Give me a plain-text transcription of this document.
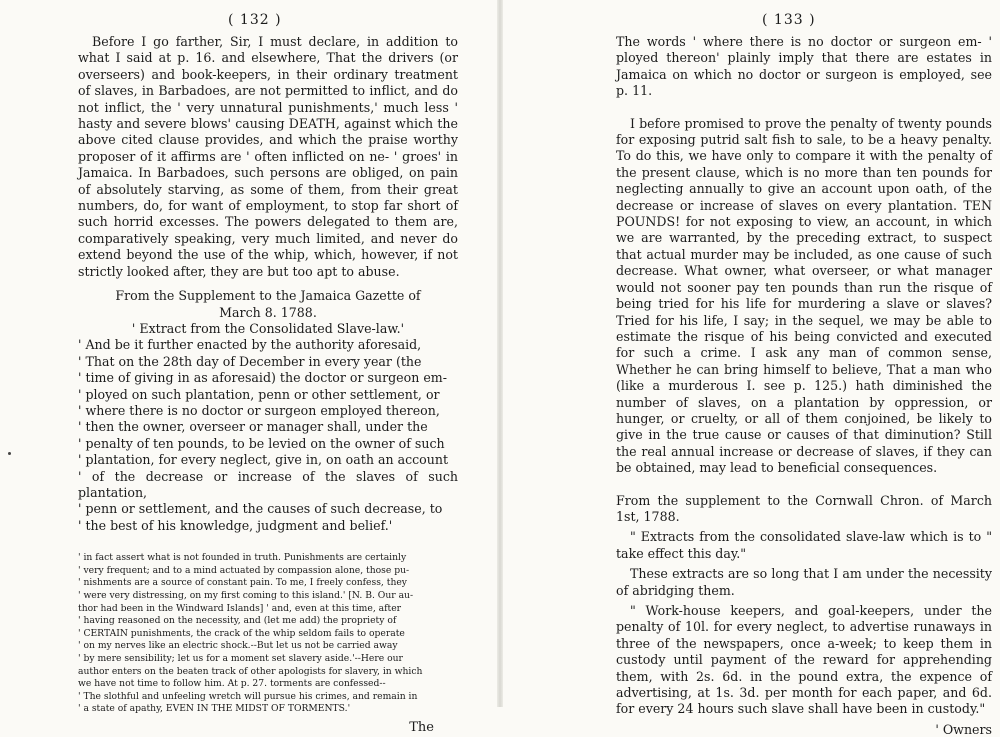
( 132 )

Before I go farther, Sir, I must declare, in addition to what I said at p. 16. and elsewhere, That the drivers (or overseers) and book-keepers, in their ordinary treatment of slaves, in Barbadoes, are not permitted to inflict, and do not inflict, the ' very unnatural punishments,' much less ' hasty and severe blows' causing DEATH, against which the above cited clause provides, and which the praise worthy proposer of it affirms are ' often inflicted on ne- ' groes' in Jamaica. In Barbadoes, such persons are obliged, on pain of absolutely starving, as some of them, from their great numbers, do, for want of employment, to stop far short of such horrid excesses. The powers delegated to them are, comparatively speaking, very much limited, and never do extend beyond the use of the whip, which, however, if not strictly looked after, they are but too apt to abuse.

From the Supplement to the Jamaica Gazette of

March 8. 1788.

' Extract from the Consolidated Slave-law.'

' And be it further enacted by the authority aforesaid,

' That on the 28th day of December in every year (the

' time of giving in as aforesaid) the doctor or surgeon em-

' ployed on such plantation, penn or other settlement, or

' where there is no doctor or surgeon employed thereon,

' then the owner, overseer or manager shall, under the

' penalty of ten pounds, to be levied on the owner of such

' plantation, for every neglect, give in, on oath an account

' of the decrease or increase of the slaves of such plantation,

' penn or settlement, and the causes of such decrease, to

' the best of his knowledge, judgment and belief.'

' in fact assert what is not founded in truth. Punishments are certainly

' very frequent; and to a mind actuated by compassion alone, those pu-

' nishments are a source of constant pain. To me, I freely confess, they

' were very distressing, on my first coming to this island.' [N. B. Our au-

thor had been in the Windward Islands] ' and, even at this time, after

' having reasoned on the necessity, and (let me add) the propriety of

' CERTAIN punishments, the crack of the whip seldom fails to operate

' on my nerves like an electric shock.--But let us not be carried away

' by mere sensibility; let us for a moment set slavery aside.'--Here our

author enters on the beaten track of other apologists for slavery, in which

we have not time to follow him. At p. 27. torments are confessed--

' The slothful and unfeeling wretch will pursue his crimes, and remain in

' a state of apathy, EVEN IN THE MIDST OF TORMENTS.'

The
( 133 )

The words ' where there is no doctor or surgeon em- ' ployed thereon' plainly imply that there are estates in Jamaica on which no doctor or surgeon is employed, see p. 11.

I before promised to prove the penalty of twenty pounds for exposing putrid salt fish to sale, to be a heavy penalty. To do this, we have only to compare it with the penalty of the present clause, which is no more than ten pounds for neglecting annually to give an account upon oath, of the decrease or increase of slaves on every plantation. TEN POUNDS! for not exposing to view, an account, in which we are warranted, by the preceding extract, to suspect that actual murder may be included, as one cause of such decrease. What owner, what overseer, or what manager would not sooner pay ten pounds than run the risque of being tried for his life for murdering a slave or slaves? Tried for his life, I say; in the sequel, we may be able to estimate the risque of his being convicted and executed for such a crime. I ask any man of common sense, Whether he can bring himself to believe, That a man who (like a murderous I. see p. 125.) hath diminished the number of slaves, on a plantation by oppression, or hunger, or cruelty, or all of them conjoined, be likely to give in the true cause or causes of that diminution? Still the real annual increase or decrease of slaves, if they can be obtained, may lead to beneficial consequences.

From the supplement to the Cornwall Chron. of March 1st, 1788.

" Extracts from the consolidated slave-law which is to " take effect this day."

These extracts are so long that I am under the necessity of abridging them.

" Work-house keepers, and goal-keepers, under the penalty of 10l. for every neglect, to advertise runaways in three of the newspapers, once a-week; to keep them in custody until payment of the reward for apprehending them, with 2s. 6d. in the pound extra, the expence of advertising, at 1s. 3d. per month for each paper, and 6d. for every 24 hours such slave shall have been in custody."

' Owners
